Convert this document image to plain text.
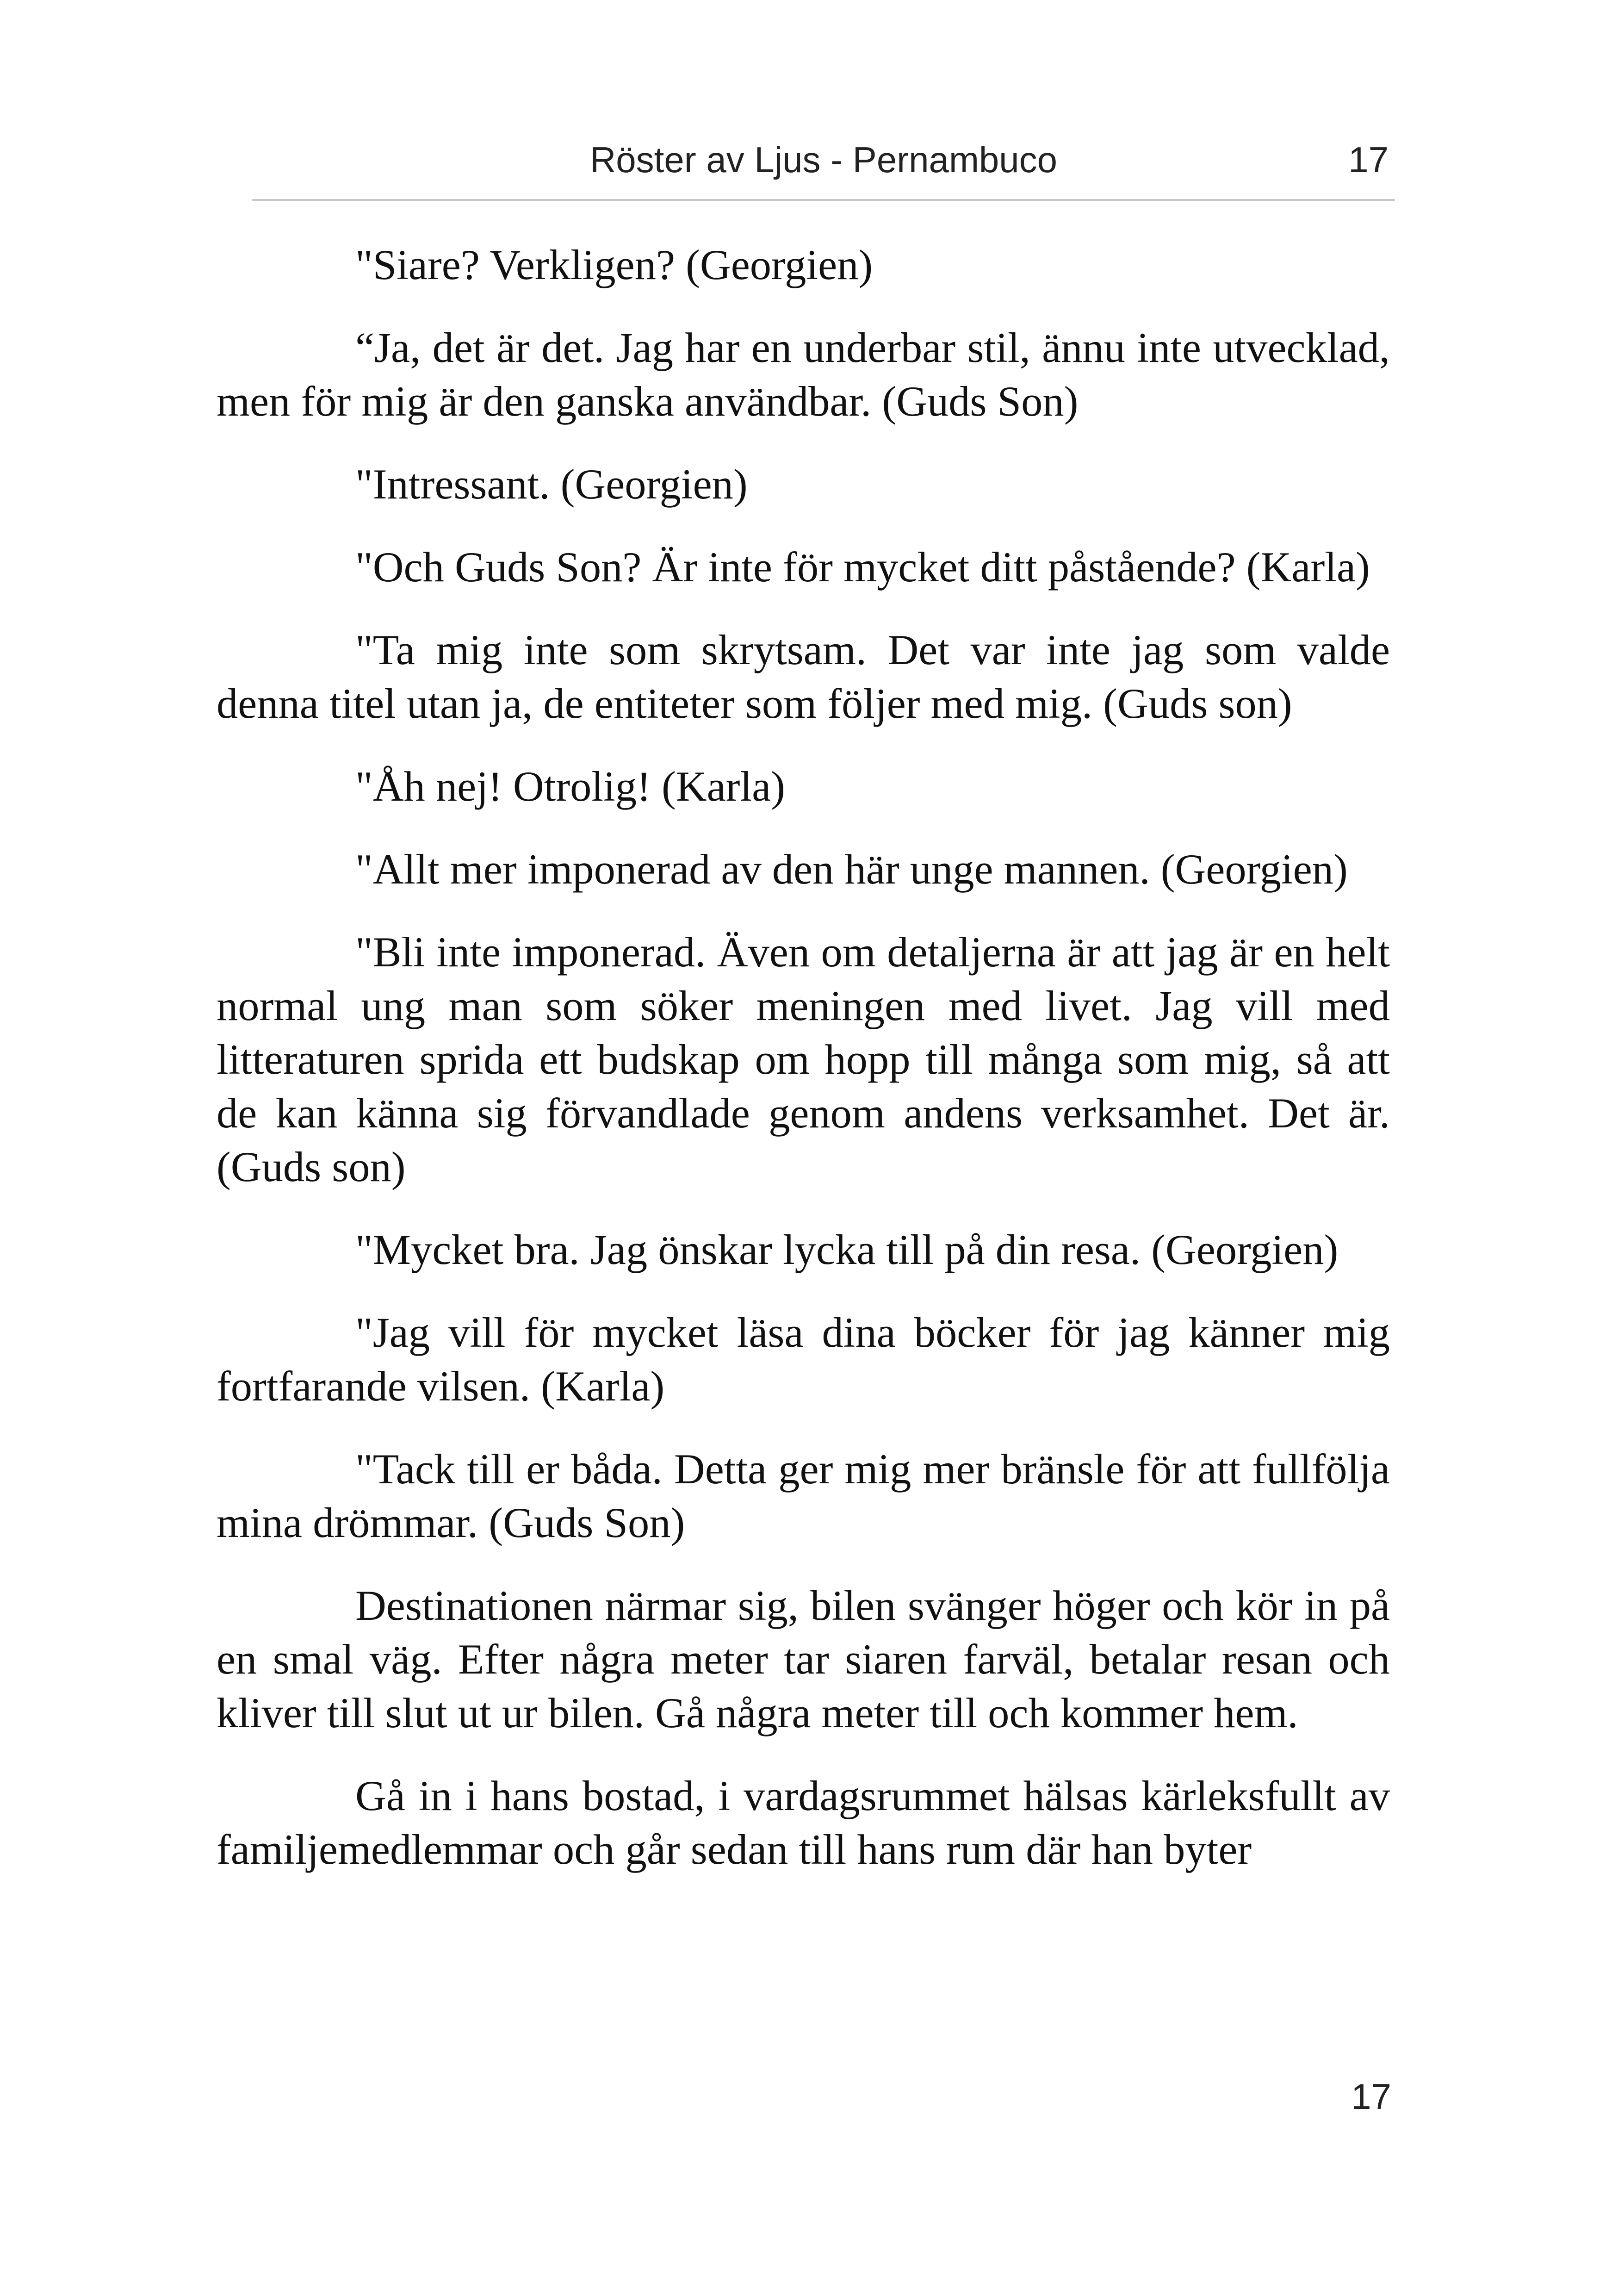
Röster av Ljus - Pernambuco	17

"Siare? Verkligen? (Georgien)

“Ja, det är det. Jag har en underbar stil, ännu inte utvecklad, men för mig är den ganska användbar. (Guds Son)

"Intressant. (Georgien)

"Och Guds Son? Är inte för mycket ditt påstående? (Karla)

"Ta mig inte som skrytsam. Det var inte jag som valde denna titel utan ja, de entiteter som följer med mig. (Guds son)

"Åh nej! Otrolig! (Karla)

"Allt mer imponerad av den här unge mannen. (Georgien)

"Bli inte imponerad. Även om detaljerna är att jag är en helt normal ung man som söker meningen med livet. Jag vill med litteraturen sprida ett budskap om hopp till många som mig, så att de kan känna sig förvandlade genom andens verksamhet. Det är. (Guds son)

"Mycket bra. Jag önskar lycka till på din resa. (Georgien)

"Jag vill för mycket läsa dina böcker för jag känner mig fortfarande vilsen. (Karla)

"Tack till er båda. Detta ger mig mer bränsle för att fullfölja mina drömmar. (Guds Son)

Destinationen närmar sig, bilen svänger höger och kör in på en smal väg. Efter några meter tar siaren farväl, betalar resan och kliver till slut ut ur bilen. Gå några meter till och kommer hem.

Gå in i hans bostad, i vardagsrummet hälsas kärleksfullt av familjemedlemmar och går sedan till hans rum där han byter

17
